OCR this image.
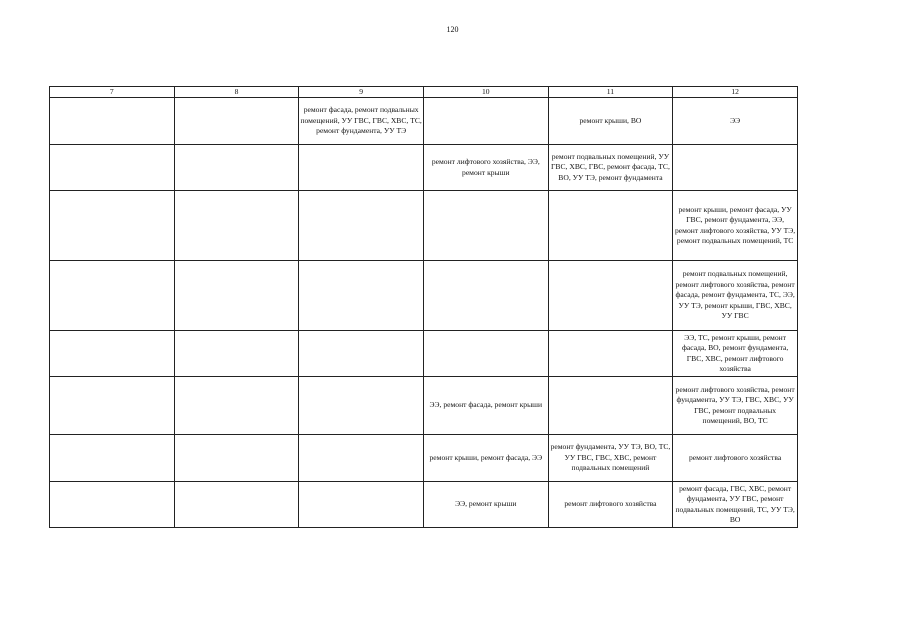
120
7	8	9	10	11	12
		ремонт фасада, ремонт подвальных помещений, УУ ГВС, ГВС, ХВС, ТС, ремонт фундамента, УУ ТЭ		ремонт крыши, ВО	ЭЭ
			ремонт лифтового хозяйства, ЭЭ, ремонт крыши	ремонт подвальных помещений, УУ ГВС, ХВС, ГВС, ремонт фасада, ТС, ВО, УУ ТЭ, ремонт фундамента	
					ремонт крыши, ремонт фасада, УУ ГВС, ремонт фундамента, ЭЭ, ремонт лифтового хозяйства, УУ ТЭ, ремонт подвальных помещений, ТС
					ремонт подвальных помещений, ремонт лифтового хозяйства, ремонт фасада, ремонт фундамента, ТС, ЭЭ, УУ ТЭ, ремонт крыши, ГВС, ХВС, УУ ГВС
					ЭЭ, ТС, ремонт крыши, ремонт фасада, ВО, ремонт фундамента, ГВС, ХВС, ремонт лифтового хозяйства
			ЭЭ, ремонт фасада, ремонт крыши		ремонт лифтового хозяйства, ремонт фундамента, УУ ТЭ, ГВС, ХВС, УУ ГВС, ремонт подвальных помещений, ВО, ТС
			ремонт крыши, ремонт фасада, ЭЭ	ремонт фундамента, УУ ТЭ, ВО, ТС, УУ ГВС, ГВС, ХВС, ремонт подвальных помещений	ремонт лифтового хозяйства
			ЭЭ, ремонт крыши	ремонт лифтового хозяйства	ремонт фасада, ГВС, ХВС, ремонт фундамента, УУ ГВС, ремонт подвальных помещений, ТС, УУ ТЭ, ВО
